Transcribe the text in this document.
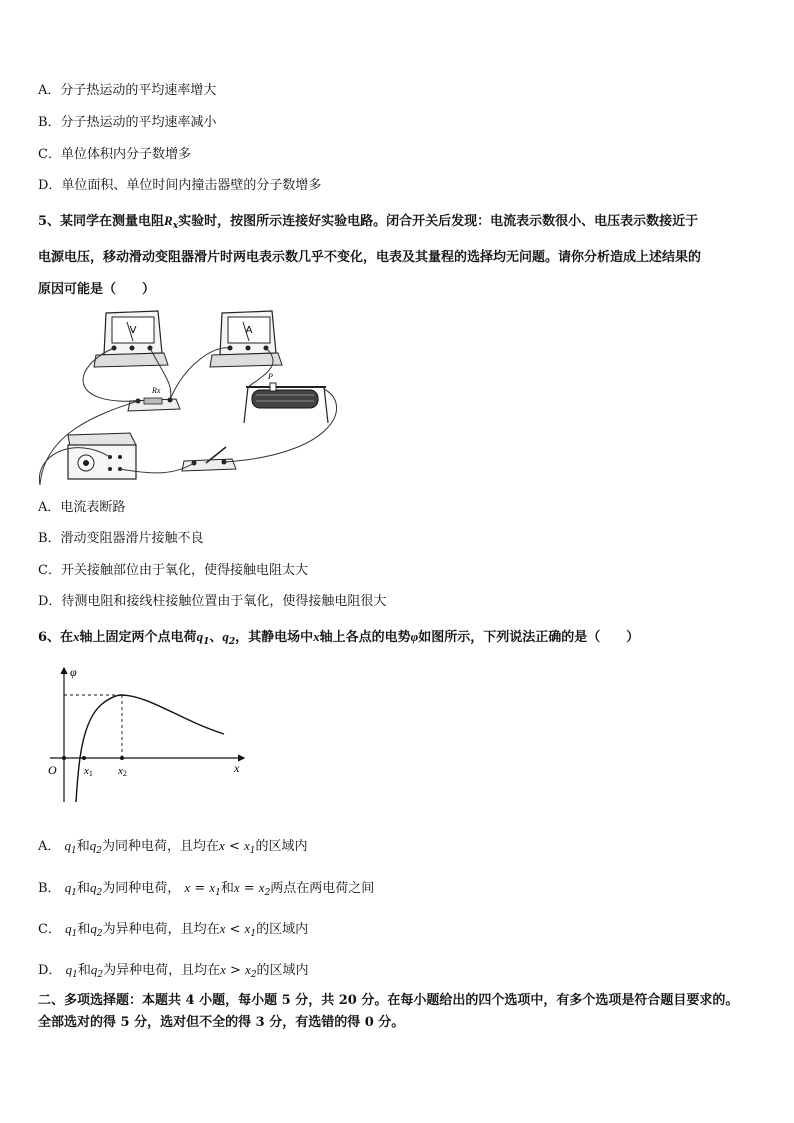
A．分子热运动的平均速率增大
B．分子热运动的平均速率减小
C．单位体积内分子数增多
D．单位面积、单位时间内撞击器壁的分子数增多
5、某同学在测量电阻$R_x$实验时，按图所示连接好实验电路。闭合开关后发现：电流表示数很小、电压表示数接近于
电源电压，移动滑动变阻器滑片时两电表示数几乎不变化，电表及其量程的选择均无问题。请你分析造成上述结果的
原因可能是（　　）
V	A
Rx
P
A．电流表断路
B．滑动变阻器滑片接触不良
C．开关接触部位由于氧化，使得接触电阻太大
D．待测电阻和接线柱接触位置由于氧化，使得接触电阻很大
6、在x轴上固定两个点电荷$q_1$、$q_2$，其静电场中x轴上各点的电势φ如图所示，下列说法正确的是（　　）
φ
O x1 x2	x
A． $q_1$和$q_2$为同种电荷，且均在$x < x_1$的区域内
B． $q_1$和$q_2$为同种电荷， $x = x_1$和$x = x_2$两点在两电荷之间
C． $q_1$和$q_2$为异种电荷，且均在$x < x_1$的区域内
D． $q_1$和$q_2$为异种电荷，且均在$x > x_2$的区域内
二、多项选择题：本题共 4 小题，每小题 5 分，共 20 分。在每小题给出的四个选项中，有多个选项是符合题目要求的。
全部选对的得 5 分，选对但不全的得 3 分，有选错的得 0 分。
